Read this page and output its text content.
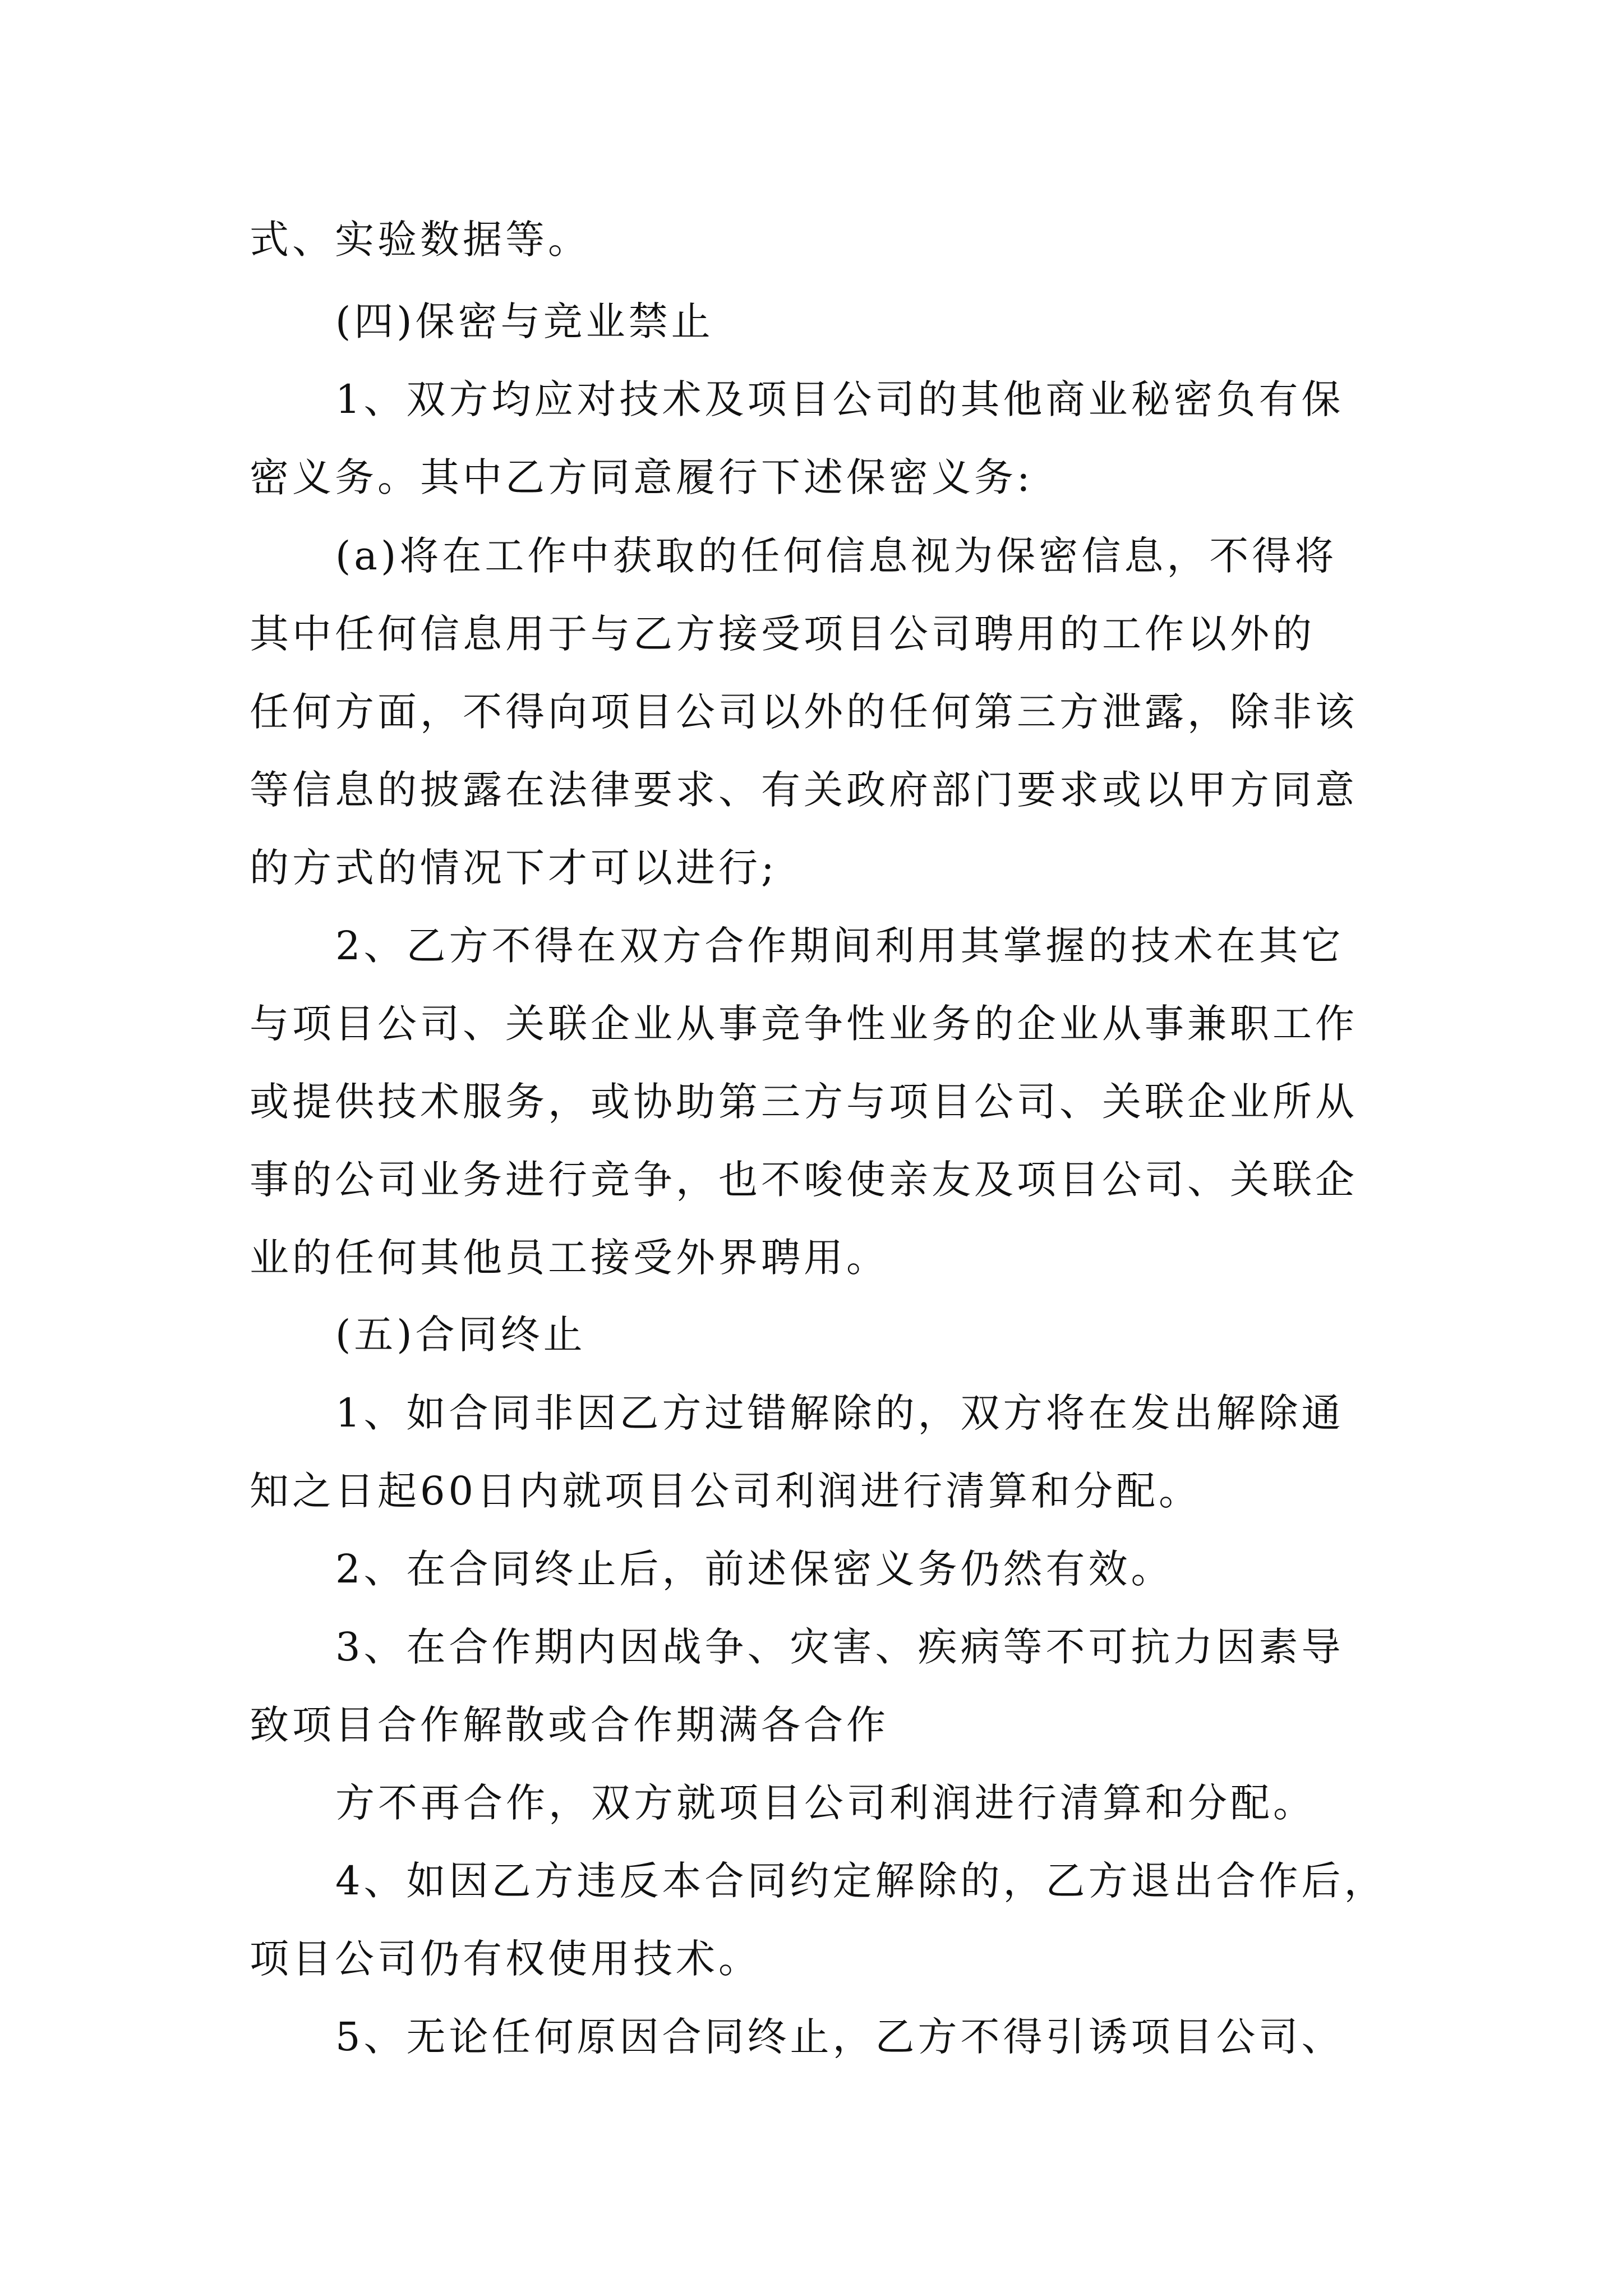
式、实验数据等。
(四)保密与竞业禁止
1、双方均应对技术及项目公司的其他商业秘密负有保
密义务。其中乙方同意履行下述保密义务:
(a)将在工作中获取的任何信息视为保密信息，不得将
其中任何信息用于与乙方接受项目公司聘用的工作以外的
任何方面，不得向项目公司以外的任何第三方泄露，除非该
等信息的披露在法律要求、有关政府部门要求或以甲方同意
的方式的情况下才可以进行;
2、乙方不得在双方合作期间利用其掌握的技术在其它
与项目公司、关联企业从事竞争性业务的企业从事兼职工作
或提供技术服务，或协助第三方与项目公司、关联企业所从
事的公司业务进行竞争，也不唆使亲友及项目公司、关联企
业的任何其他员工接受外界聘用。
(五)合同终止
1、如合同非因乙方过错解除的，双方将在发出解除通
知之日起60日内就项目公司利润进行清算和分配。
2、在合同终止后，前述保密义务仍然有效。
3、在合作期内因战争、灾害、疾病等不可抗力因素导
致项目合作解散或合作期满各合作
方不再合作，双方就项目公司利润进行清算和分配。
4、如因乙方违反本合同约定解除的，乙方退出合作后，
项目公司仍有权使用技术。
5、无论任何原因合同终止，乙方不得引诱项目公司、
